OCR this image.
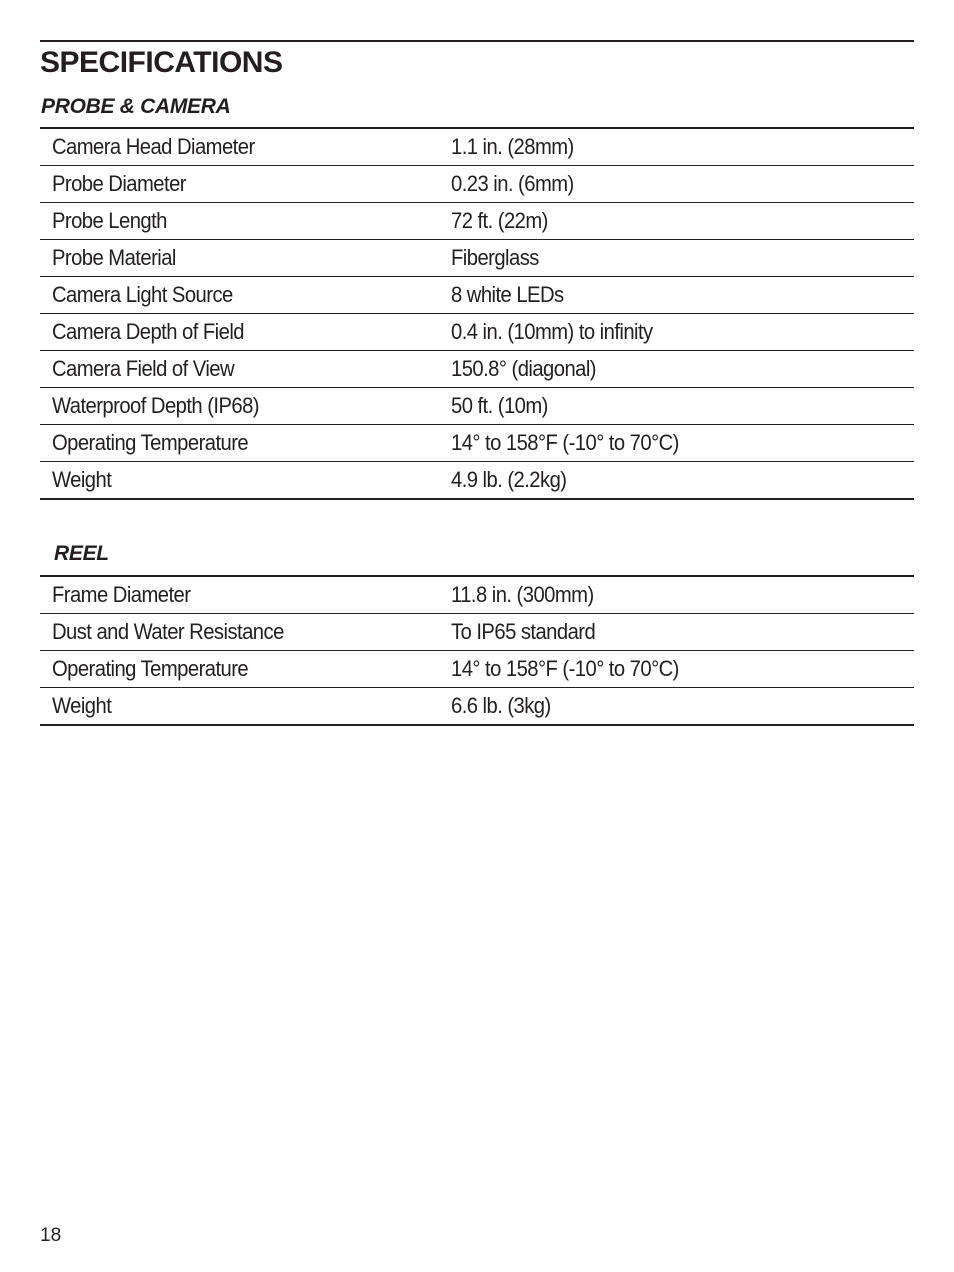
SPECIFICATIONS
PROBE & CAMERA
Camera Head Diameter	1.1 in. (28mm)
Probe Diameter	0.23 in. (6mm)
Probe Length	72 ft. (22m)
Probe Material	Fiberglass
Camera Light Source	8 white LEDs
Camera Depth of Field	0.4 in. (10mm) to infinity
Camera Field of View	150.8° (diagonal)
Waterproof Depth (IP68)	50 ft. (10m)
Operating Temperature	14° to 158°F (-10° to 70°C)
Weight	4.9 lb. (2.2kg)
REEL
Frame Diameter	11.8 in. (300mm)
Dust and Water Resistance	To IP65 standard
Operating Temperature	14° to 158°F (-10° to 70°C)
Weight	6.6 lb. (3kg)
18
